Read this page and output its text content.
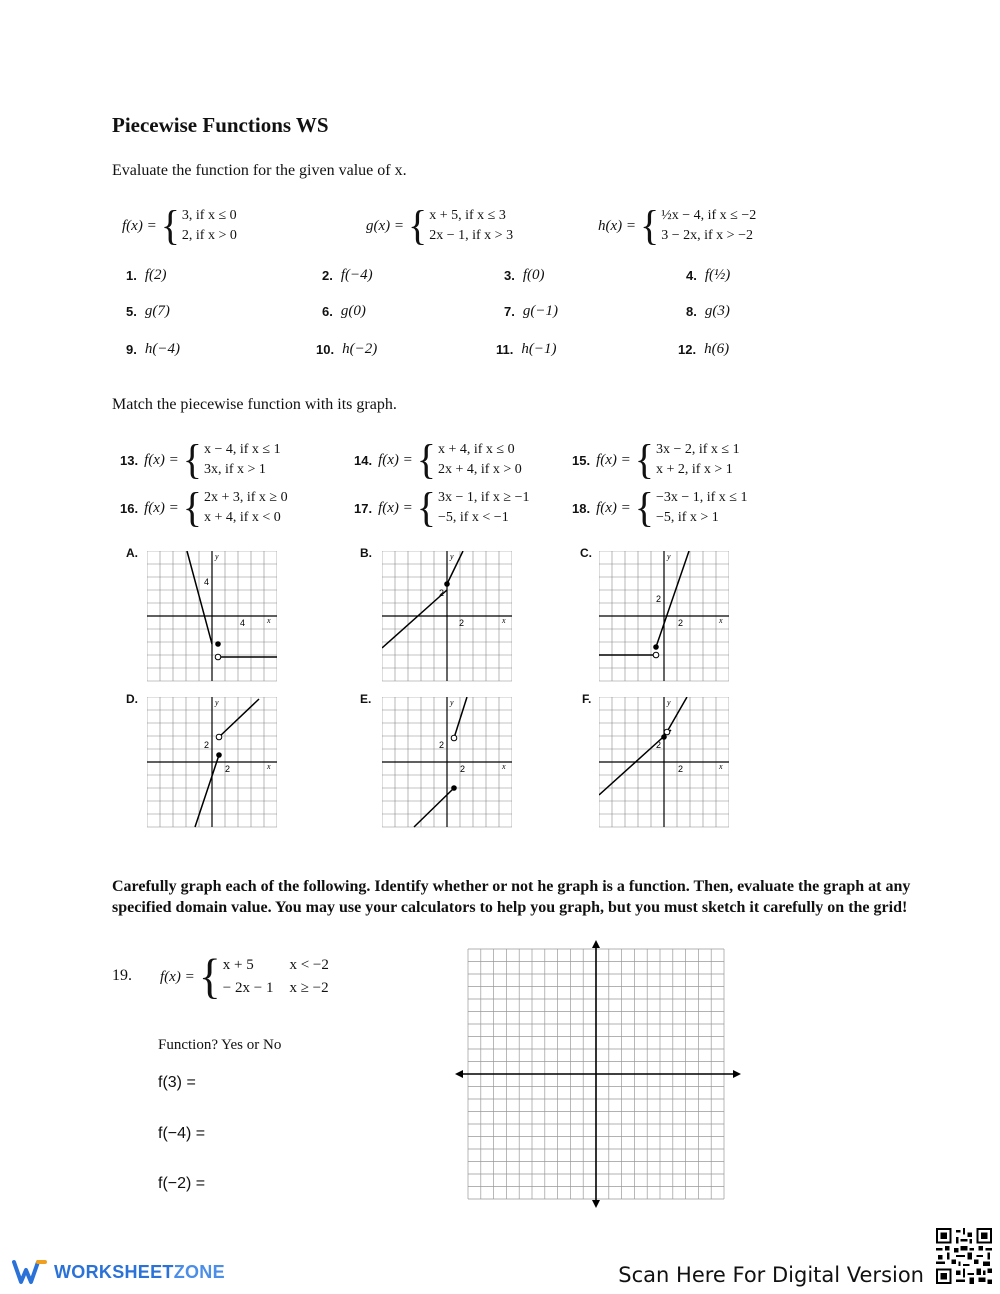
Piecewise Functions WS
Evaluate the function for the given value of x.
f(x) = { 3, if x ≤ 0
2, if x > 0
g(x) = { x + 5, if x ≤ 3
2x − 1, if x > 3
h(x) = { ½x − 4, if x ≤ −2
3 − 2x, if x > −2
1. f(2)	2. f(−4)	3. f(0)	4. f(½)
5. g(7)	6. g(0)	7. g(−1)	8. g(3)
9. h(−4)	10. h(−2)	11. h(−1)	12. h(6)
Match the piecewise function with its graph.
13. f(x) = { x − 4, if x ≤ 1
3x, if x > 1
14. f(x) = { x + 4, if x ≤ 0
2x + 4, if x > 0
15. f(x) = { 3x − 2, if x ≤ 1
x + 2, if x > 1
16. f(x) = { 2x + 3, if x ≥ 0
x + 4, if x < 0
17. f(x) = { 3x − 1, if x ≥ −1
−5, if x < −1
18. f(x) = { −3x − 1, if x ≤ 1
−5, if x > 1
A.	B.	C.
D.	E.	F.
4
4	x
y
2
2	x
y
2
2	x
y
2
2	x
y
2
2	x
y
2
2	x
y
Carefully graph each of the following. Identify whether or not he graph is a function. Then, evaluate the graph at any specified domain value. You may use your calculators to help you graph, but you must sketch it carefully on the grid!
19. f(x) = { x + 5	x < −2
− 2x − 1 x ≥ −2
Function? Yes or No
f(3) =
f(−4) =
f(−2) =
WORKSHEETZONE	Scan Here For Digital Version
